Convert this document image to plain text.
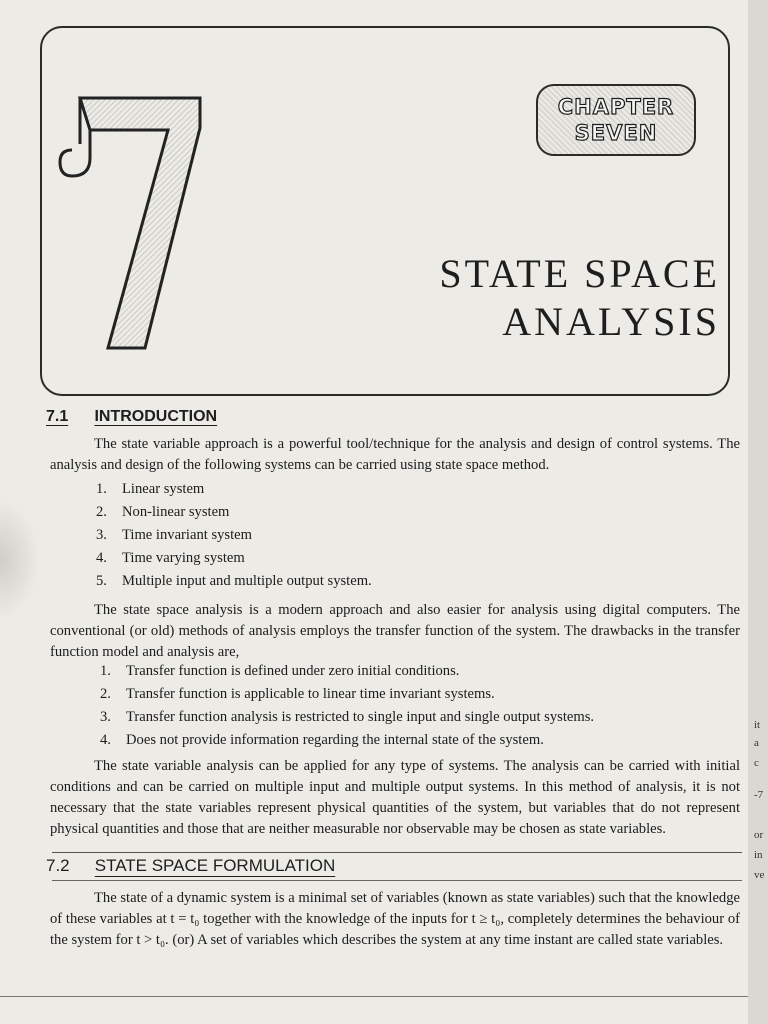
CHAPTER
SEVEN
STATE SPACE
ANALYSIS
7.1 INTRODUCTION
The state variable approach is a powerful tool/technique for the analysis and design of control systems. The analysis and design of the following systems can be carried using state space method.
1.	Linear system
2.	Non-linear system
3.	Time invariant system
4.	Time varying system
5.	Multiple input and multiple output system.
The state space analysis is a modern approach and also easier for analysis using digital computers. The conventional (or old) methods of analysis employs the transfer function of the system. The drawbacks in the transfer function model and analysis are,
1.	Transfer function is defined under zero initial conditions.
2.	Transfer function is applicable to linear time invariant systems.
3.	Transfer function analysis is restricted to single input and single output systems.
4.	Does not provide information regarding the internal state of the system.
The state variable analysis can be applied for any type of systems. The analysis can be carried with initial conditions and can be carried on multiple input and multiple output systems. In this method of analysis, it is not necessary that the state variables represent physical quantities of the system, but variables that do not represent physical quantities and those that are neither measurable nor observable may be chosen as state variables.
7.2 STATE SPACE FORMULATION
The state of a dynamic system is a minimal set of variables (known as state variables) such that the knowledge of these variables at t = t₀ together with the knowledge of the inputs for t ≥ t₀, completely determines the behaviour of the system for t > t₀. (or) A set of variables which describes the system at any time instant are called state variables.
it
a
c
-7
or
in
ve
